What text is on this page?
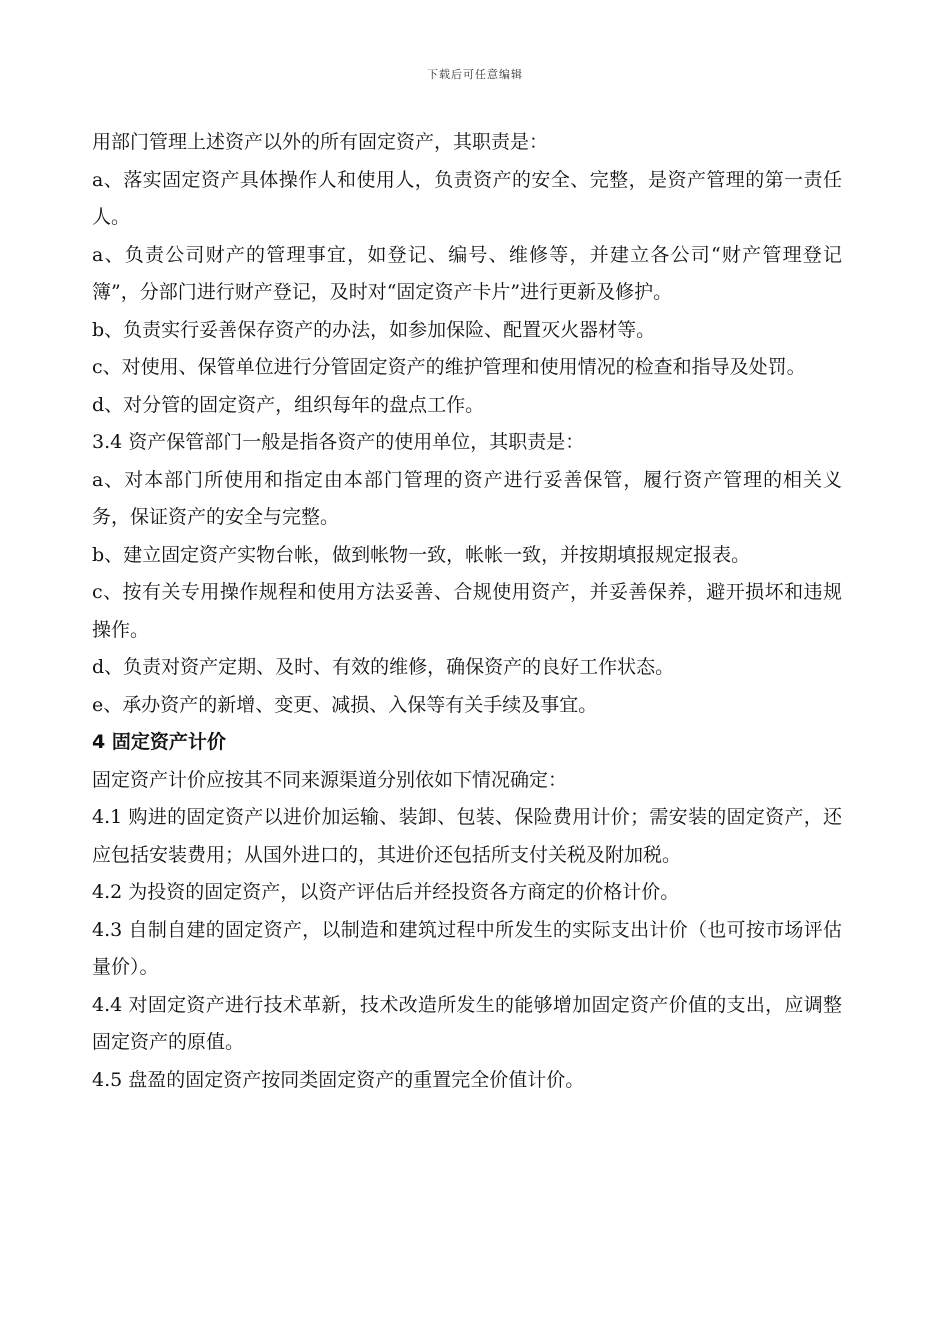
下载后可任意编辑

用部门管理上述资产以外的所有固定资产，其职责是：

a、落实固定资产具体操作人和使用人，负责资产的安全、完整，是资产管理的第一责任人。

a、负责公司财产的管理事宜，如登记、编号、维修等，并建立各公司“财产管理登记簿”，分部门进行财产登记，及时对“固定资产卡片”进行更新及修护。

b、负责实行妥善保存资产的办法，如参加保险、配置灭火器材等。

c、对使用、保管单位进行分管固定资产的维护管理和使用情况的检查和指导及处罚。

d、对分管的固定资产，组织每年的盘点工作。

3.4 资产保管部门一般是指各资产的使用单位，其职责是：

a、对本部门所使用和指定由本部门管理的资产进行妥善保管，履行资产管理的相关义务，保证资产的安全与完整。

b、建立固定资产实物台帐，做到帐物一致，帐帐一致，并按期填报规定报表。

c、按有关专用操作规程和使用方法妥善、合规使用资产，并妥善保养，避开损坏和违规操作。

d、负责对资产定期、及时、有效的维修，确保资产的良好工作状态。

e、承办资产的新增、变更、减损、入保等有关手续及事宜。

4 固定资产计价

固定资产计价应按其不同来源渠道分别依如下情况确定：

4.1 购进的固定资产以进价加运输、装卸、包装、保险费用计价；需安装的固定资产，还应包括安装费用；从国外进口的，其进价还包括所支付关税及附加税。

4.2 为投资的固定资产，以资产评估后并经投资各方商定的价格计价。

4.3 自制自建的固定资产，以制造和建筑过程中所发生的实际支出计价（也可按市场评估量价）。

4.4 对固定资产进行技术革新，技术改造所发生的能够增加固定资产价值的支出，应调整固定资产的原值。

4.5 盘盈的固定资产按同类固定资产的重置完全价值计价。
